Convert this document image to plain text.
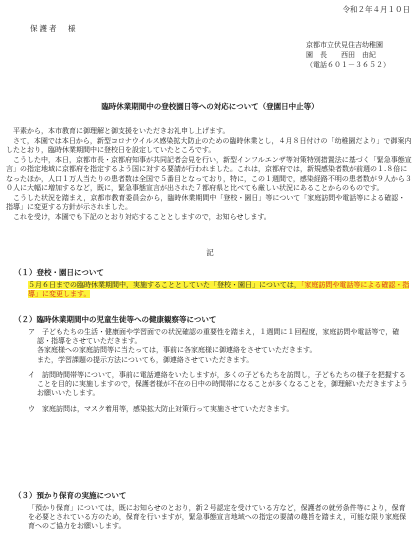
令和２年４月１０日
保護者　様
京都市立伏見住吉幼稚園
園　長　　西田　由紀
（電話６０１－３６５２）
臨時休業期間中の登校園日等への対応について（登園日中止等）

平素から，本市教育に御理解と御支援をいただきお礼申し上げます。

さて，本園では本日から，新型コロナウイルス感染拡大防止のための臨時休業とし，４月８日付けの「幼稚園だより」で御案内したとおり，臨時休業期間中に登校日を設定していたところです。

こうした中，本日，京都市長・京都府知事が共同記者会見を行い，新型インフルエンザ等対策特別措置法に基づく「緊急事態宣言」の指定地域に京都府を指定するよう国に対する要請が行われました。これは，京都府では，新規感染者数が前週の１.８倍になったほか，人口１万人当たりの患者数は全国で５番目となっており，特に，この１週間で，感染経路不明の患者数が９人から３０人に大幅に増加するなど，既に，緊急事態宣言が出された７都府県と比べても厳しい状況にあることからのものです。

こうした状況を踏まえ，京都市教育委員会から，臨時休業期間中「登校・園日」等について「家庭訪問や電話等による確認・指導」に変更する方針が示されました。

これを受け，本園でも下記のとおり対応することとしますので，お知らせします。

記
（１）登校・園日について
５月６日までの臨時休業期間中，実施することとしていた「登校・園日」については，「家庭訪問や電話等による確認・指導」に変更します。
（２）臨時休業期間中の児童生徒等への健康観察等について
ア　子どもたちの生活・健康面や学習面での状況確認の重要性を踏まえ，１週間に１回程度，家庭訪問や電話等で，確認・指導をさせていただきます。
各家庭様への家庭訪問等に当たっては，事前に各家庭様に御連絡をさせていただきます。
また，学習課題の提示方法についても，御連絡させていただきます。
イ　訪問時間帯等について，事前に電話連絡をいたしますが，多くの子どもたちを訪問し，子どもたちの様子を把握することを目的に実施しますので，保護者様が不在の日中の時間帯になることが多くなることを，御理解いただきますようお願いいたします。
ウ　家庭訪問は，マスク着用等，感染拡大防止対策行って実施させていただきます。
（３）預かり保育の実施について
「預かり保育」については，既にお知らせのとおり，新２号認定を受けている方など，保護者の就労条件等により，保育を必要とされている方のため，保育を行いますが，緊急事態宣言地域への指定の要請の趣旨を踏まえ，可能な限り家庭保育へのご協力をお願いします。
